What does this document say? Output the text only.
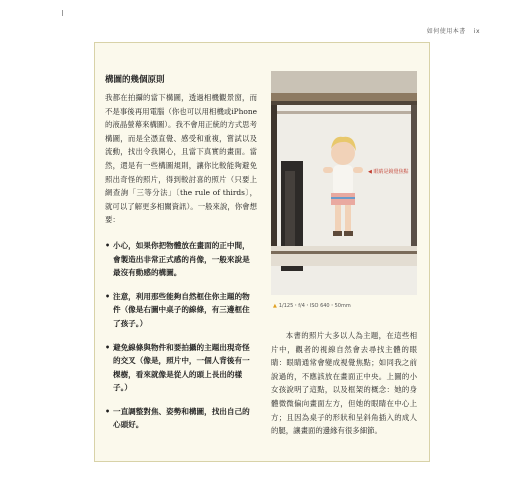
如何使用本書 ix
構圖的幾個原則

我都在拍攝的當下構圖，透過相機觀景窗，而不是事後再用電腦（你也可以用相機或iPhone的液晶螢幕來構圖）。我不會用正統的方式思考構圖，而是全憑直覺、感受和重複，嘗試以及流動，找出令我開心，且當下真實的畫面。當然，還是有一些構圖規則，讓你比較能夠避免照出奇怪的照片，得到較討喜的照片（只要上網查詢「三等分法」〔the rule of thirds〕，就可以了解更多相關資訊）。一般來說，你會想要：

• 小心，如果你把物體放在畫面的正中間，會製造出非常正式感的肖像，一般來說是最沒有動感的構圖。
• 注意，利用那些能夠自然框住你主題的物件（像是右圖中桌子的線條，有三邊框住了孩子。）
• 避免線條與物件和要拍攝的主題出現奇怪的交叉（像是，照片中，一個人背後有一棵樹，看來就像是從人的頭上長出的樣子。）
• 一直調整對焦、姿勢和構圖，找出自己的心頭好。
◀ 眼睛是鏡覺焦點
▲ 1/125・f/4・ISO 640・50mm

本書的照片大多以人為主題，在這些相片中，觀者的視線自然會去尋找主體的眼睛：眼睛通常會變成視覺焦點；如同我之前說過的，不應該放在畫面正中央。上圖的小女孩說明了這點，以及框架的概念：她的身體微微偏向畫面左方，但她的眼睛在中心上方；且因為桌子的形狀和呈斜角插入的成人的腿，讓畫面的邊緣有很多細節。
